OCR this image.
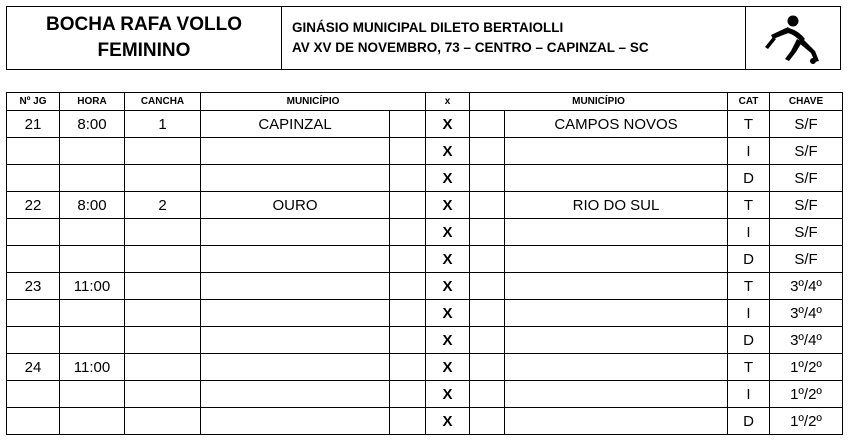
BOCHA RAFA VOLLO
FEMININO
GINÁSIO MUNICIPAL DILETO BERTAIOLLI
AV XV DE NOVEMBRO, 73 – CENTRO – CAPINZAL – SC
Nº JG	HORA	CANCHA	MUNICÍPIO		x	MUNICÍPIO		CAT	CHAVE
21	8:00	1	CAPINZAL		X		CAMPOS NOVOS	T	S/F
					X			I	S/F
					X			D	S/F
22	8:00	2	OURO		X		RIO DO SUL	T	S/F
					X			I	S/F
					X			D	S/F
23	11:00				X			T	3º/4º
					X			I	3º/4º
					X			D	3º/4º
24	11:00				X			T	1º/2º
					X			I	1º/2º
					X			D	1º/2º
